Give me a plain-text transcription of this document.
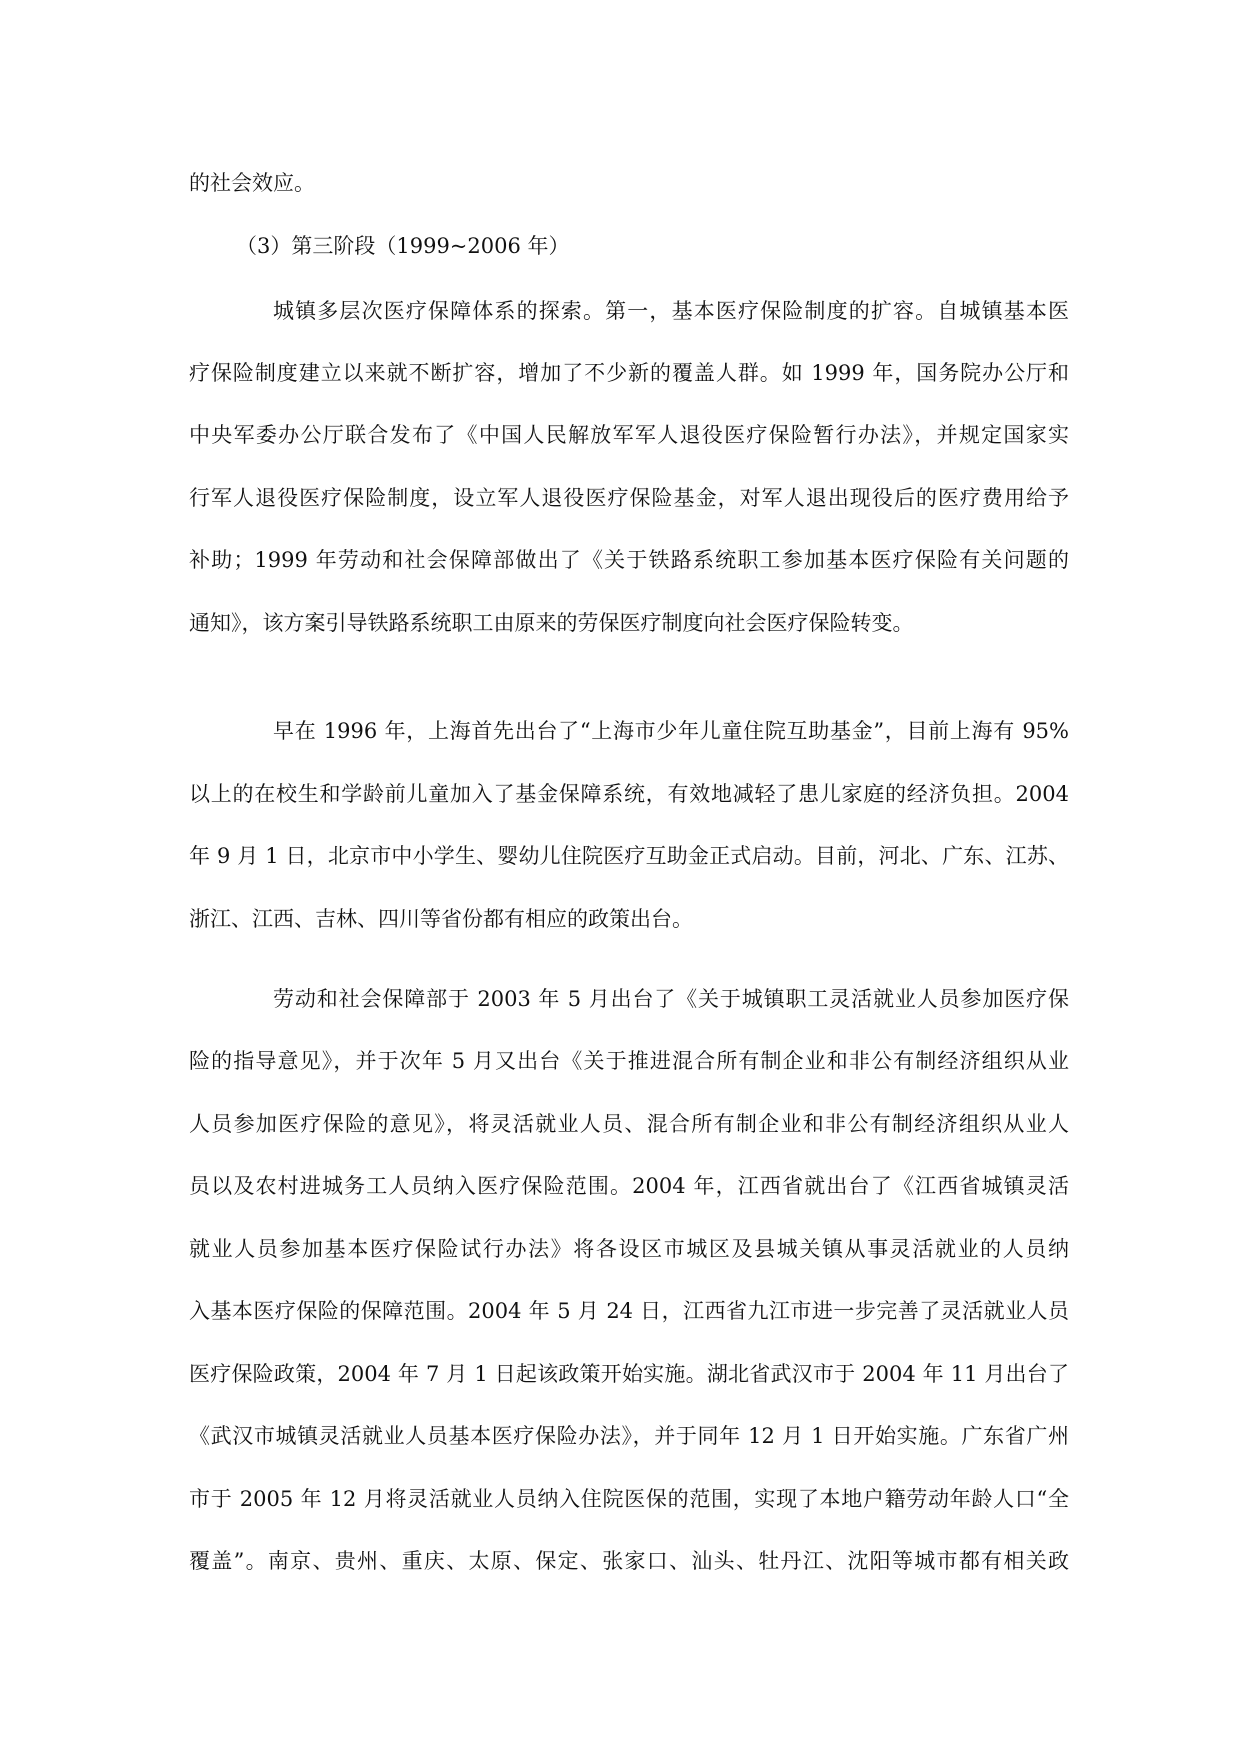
的社会效应。

（3）第三阶段（1999~2006 年）

城镇多层次医疗保障体系的探索。第一，基本医疗保险制度的扩容。自城镇基本医

疗保险制度建立以来就不断扩容，增加了不少新的覆盖人群。如 1999 年，国务院办公厅和

中央军委办公厅联合发布了《中国人民解放军军人退役医疗保险暂行办法》，并规定国家实

行军人退役医疗保险制度，设立军人退役医疗保险基金，对军人退出现役后的医疗费用给予

补助；1999 年劳动和社会保障部做出了《关于铁路系统职工参加基本医疗保险有关问题的

通知》，该方案引导铁路系统职工由原来的劳保医疗制度向社会医疗保险转变。

早在 1996 年，上海首先出台了“上海市少年儿童住院互助基金”，目前上海有 95%

以上的在校生和学龄前儿童加入了基金保障系统，有效地减轻了患儿家庭的经济负担。2004

年 9 月 1 日，北京市中小学生、婴幼儿住院医疗互助金正式启动。目前，河北、广东、江苏、

浙江、江西、吉林、四川等省份都有相应的政策出台。

劳动和社会保障部于 2003 年 5 月出台了《关于城镇职工灵活就业人员参加医疗保

险的指导意见》，并于次年 5 月又出台《关于推进混合所有制企业和非公有制经济组织从业

人员参加医疗保险的意见》，将灵活就业人员、混合所有制企业和非公有制经济组织从业人

员以及农村进城务工人员纳入医疗保险范围。2004 年，江西省就出台了《江西省城镇灵活

就业人员参加基本医疗保险试行办法》将各设区市城区及县城关镇从事灵活就业的人员纳

入基本医疗保险的保障范围。2004 年 5 月 24 日，江西省九江市进一步完善了灵活就业人员

医疗保险政策，2004 年 7 月 1 日起该政策开始实施。湖北省武汉市于 2004 年 11 月出台了

《武汉市城镇灵活就业人员基本医疗保险办法》，并于同年 12 月 1 日开始实施。广东省广州

市于 2005 年 12 月将灵活就业人员纳入住院医保的范围，实现了本地户籍劳动年龄人口“全

覆盖”。南京、贵州、重庆、太原、保定、张家口、汕头、牡丹江、沈阳等城市都有相关政
